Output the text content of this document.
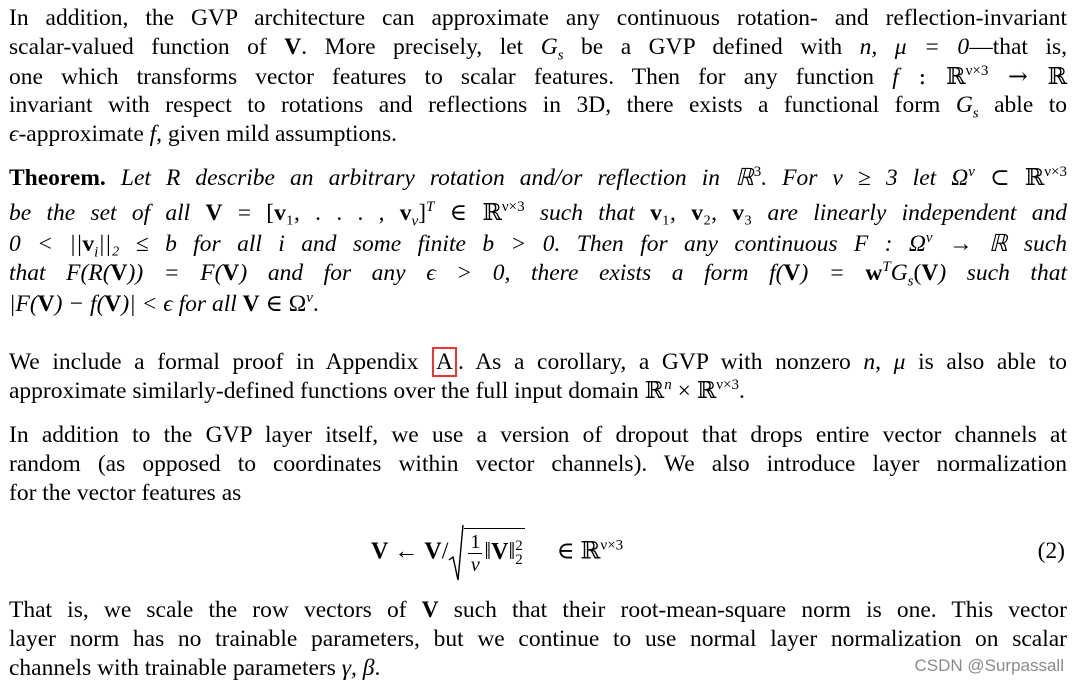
In addition, the GVP architecture can approximate any continuous rotation- and reflection-invariant
scalar-valued function of V. More precisely, let $G_s$ be a GVP defined with n, μ = 0—that is,
one which transforms vector features to scalar features. Then for any function f : ℝ$^{\nu\times 3}$ → ℝ
invariant with respect to rotations and reflections in 3D, there exists a functional form $G_s$ able to
ϵ-approximate f, given mild assumptions.
Theorem. Let R describe an arbitrary rotation and/or reflection in ℝ$^3$. For ν ≥ 3 let $\Omega^\nu$ ⊂ ℝ$^{\nu\times 3}$
be the set of all V = [v₁, . . . , $v_\nu]^T$ ∈ ℝ$^{\nu\times 3}$ such that v₁, v₂, v₃ are linearly independent and
$0 < ||v_i||_2 \le b$ for all i and some finite b > 0. Then for any continuous F : $\Omega^\nu$ → ℝ such
that F(R(V)) = F(V) and for any ϵ > 0, there exists a form $f(V) = w^TG_s(V)$ such that
|F(V) − f(V)| < ϵ for all V ∈ $\Omega^\nu$.
We include a formal proof in Appendix A . As a corollary, a GVP with nonzero n, μ is also able to
approximate similarly-defined functions over the full input domain ℝ$^n$ × ℝ$^{\nu\times 3}$.
In addition to the GVP layer itself, we use a version of dropout that drops entire vector channels at
random (as opposed to coordinates within vector channels). We also introduce layer normalization
for the vector features as
V ← $V/ \frac{1}{\nu}$ ‖V‖ 2
2 ∈ ℝ$^{\nu\times 3}$	(2)
That is, we scale the row vectors of V such that their root-mean-square norm is one. This vector
layer norm has no trainable parameters, but we continue to use normal layer normalization on scalar
channels with trainable parameters γ, β.	CSDN @Surpassall
